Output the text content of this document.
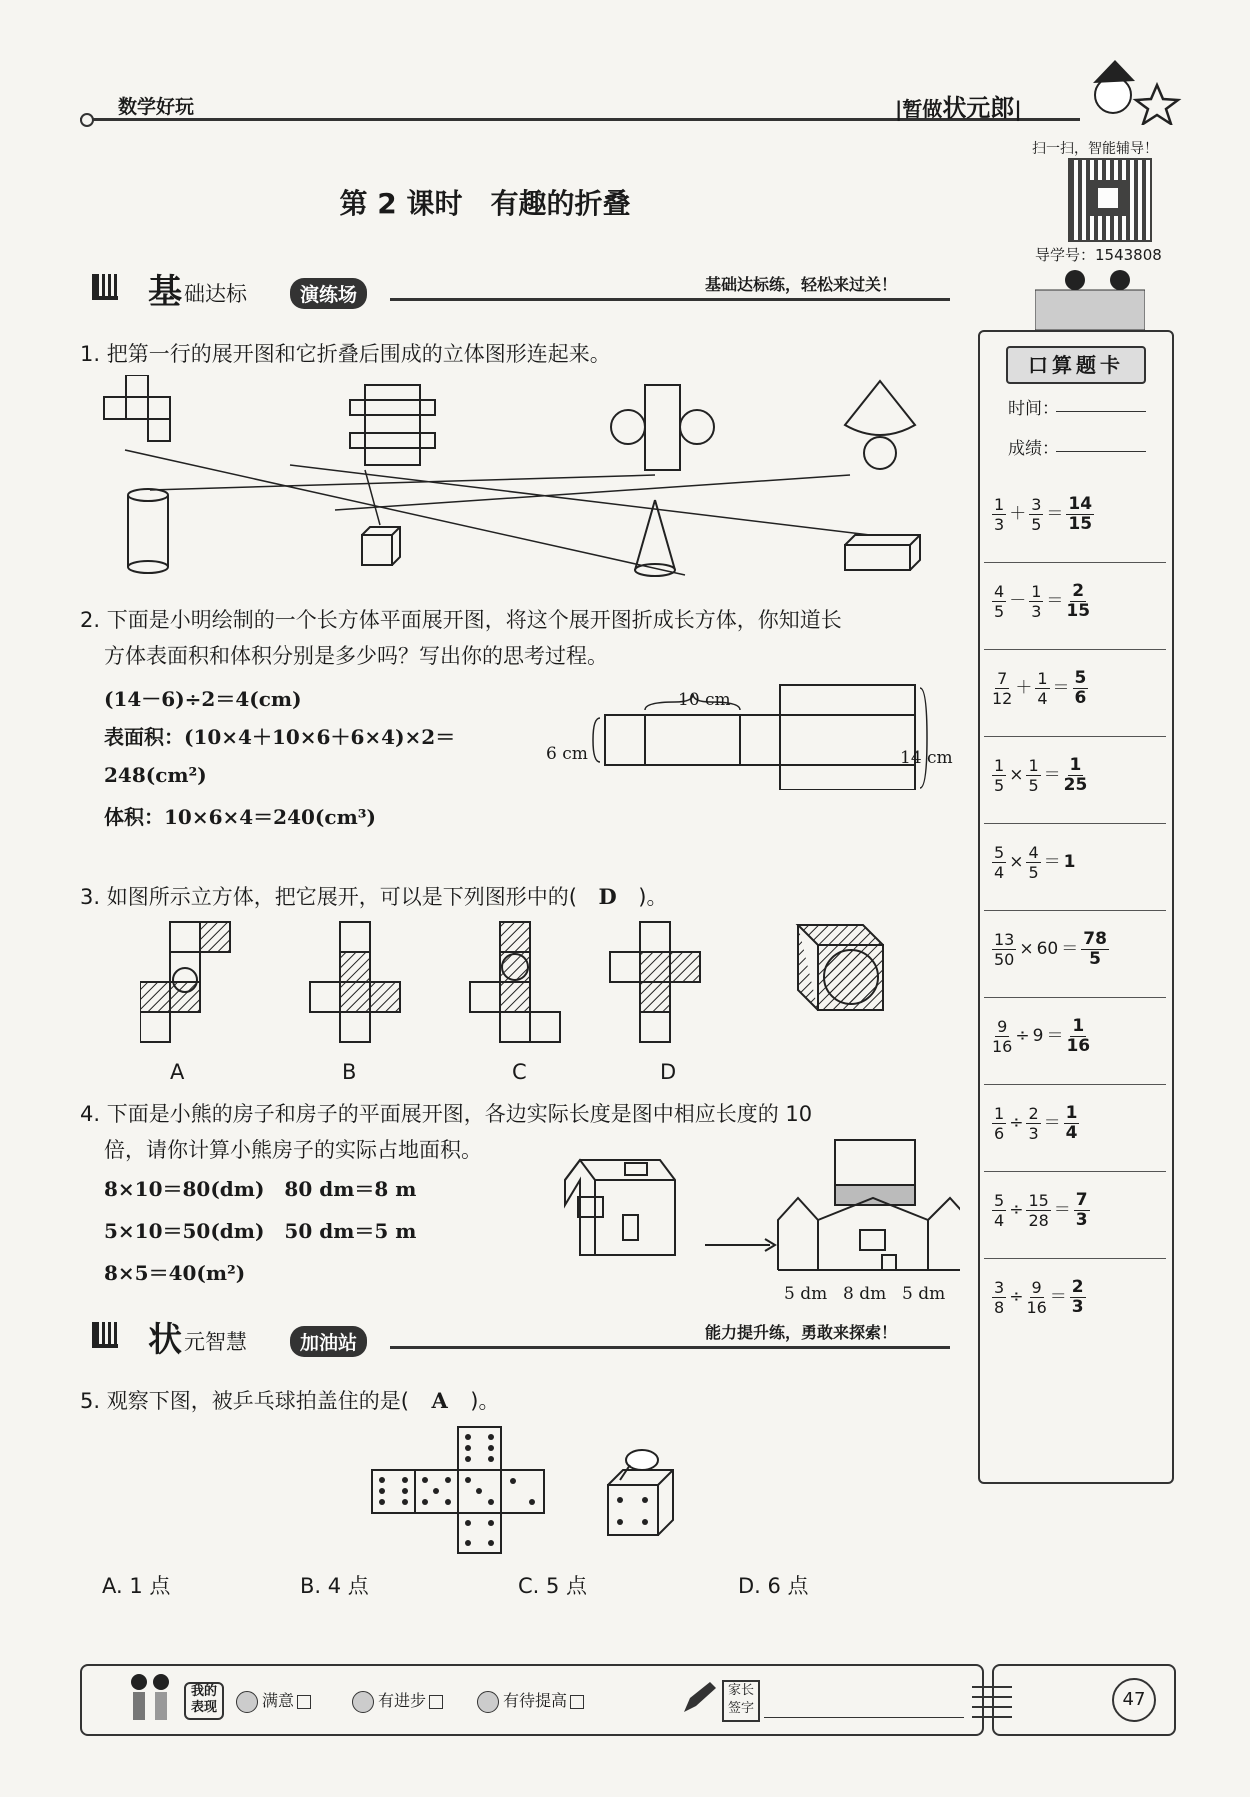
数学好玩	|暂做状元郎|
扫一扫，智能辅导！
导学号：1543808
第 2 课时　有趣的折叠
基 础达标	演练场	基础达标练，轻松来过关！
1. 把第一行的展开图和它折叠后围成的立体图形连起来。
2. 下面是小明绘制的一个长方体平面展开图，将这个展开图折成长方体，你知道长
方体表面积和体积分别是多少吗？写出你的思考过程。
(14－6)÷2＝4(cm)
表面积：(10×4＋10×6＋6×4)×2＝
248(cm²)
体积：10×6×4＝240(cm³)
10 cm
6 cm	14 cm
3. 如图所示立方体，把它展开，可以是下列图形中的( D )。
A	B	C	D
4. 下面是小熊的房子和房子的平面展开图，各边实际长度是图中相应长度的 10
倍，请你计算小熊房子的实际占地面积。
8×10＝80(dm)　80 dm＝8 m
5×10＝50(dm)　50 dm＝5 m
8×5＝40(m²)
5 dm 8 dm 5 dm
状 元智慧	加油站	能力提升练，勇敢来探索！
5. 观察下图，被乒乓球拍盖住的是( A )。
A. 1 点	B. 4 点	C. 5 点	D. 6 点
口算题卡
时间：
成绩：
$\frac{1}{3} + \frac{3}{5} = \frac{14}{15}$
$\frac{4}{5} - \frac{1}{3} = \frac{2}{15}$
$\frac{7}{12} + \frac{1}{4} = \frac{5}{6}$
$\frac{1}{5} \times \frac{1}{5} = \frac{1}{25}$
$\frac{5}{4} \times \frac{4}{5} = 1$
$\frac{13}{50} \times 60 = \frac{78}{5}$
$\frac{9}{16} \div 9 = \frac{1}{16}$
$\frac{1}{6} \div \frac{2}{3} = \frac{1}{4}$
$\frac{5}{4} \div \frac{15}{28} = \frac{7}{3}$
$\frac{3}{8} \div \frac{9}{16} = \frac{2}{3}$
我的表现	满意	有进步	有待提高
家长签字	47
